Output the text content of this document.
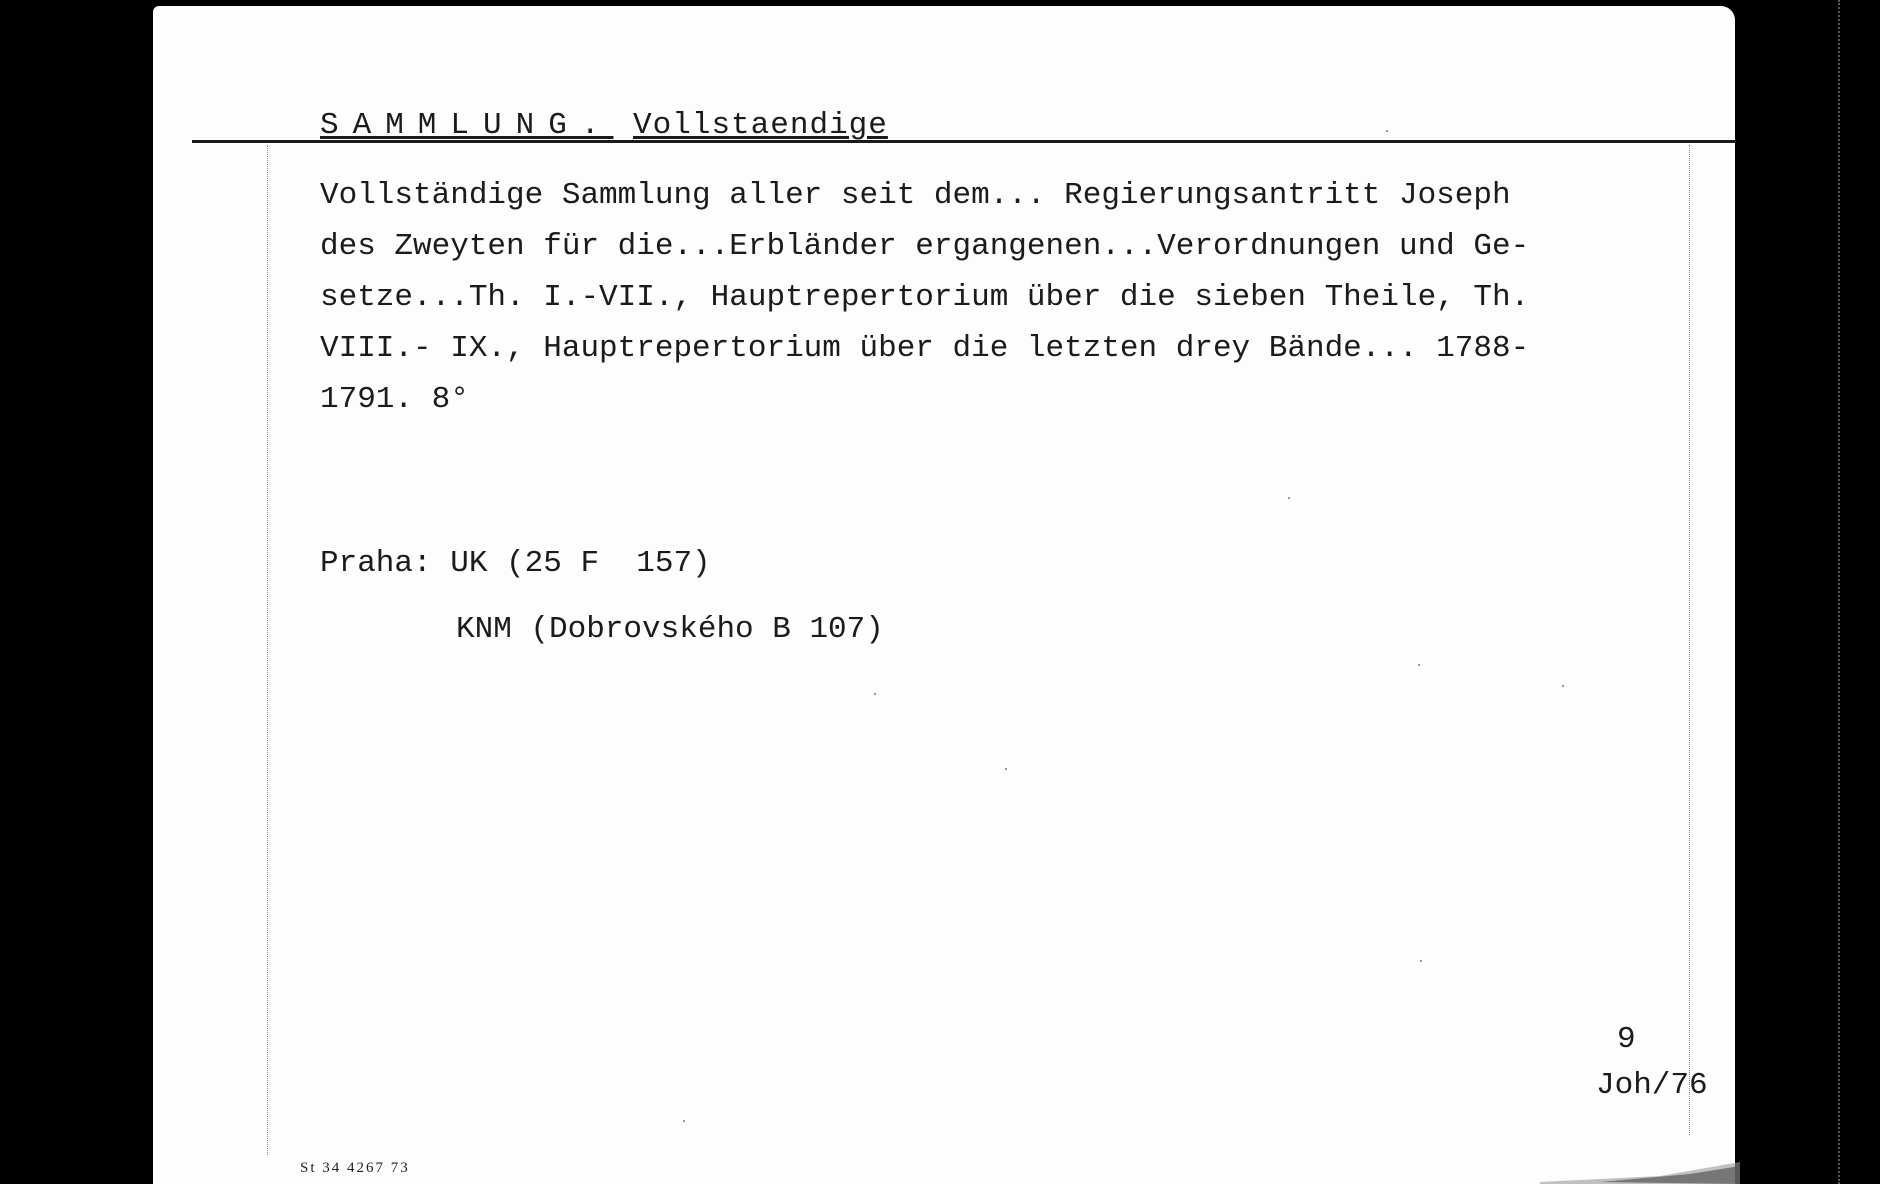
SAMMLUNG. Vollstaendige
Vollständige Sammlung aller seit dem... Regierungsantritt Joseph
des Zweyten für die...Erbländer ergangenen...Verordnungen und Ge-
setze...Th. I.-VII., Hauptrepertorium über die sieben Theile, Th.
VIII.- IX., Hauptrepertorium über die letzten drey Bände... 1788-
1791. 8°
Praha: UK (25 F  157)
KNM (Dobrovského B 107)
9
Joh/76
St 34 4267 73
